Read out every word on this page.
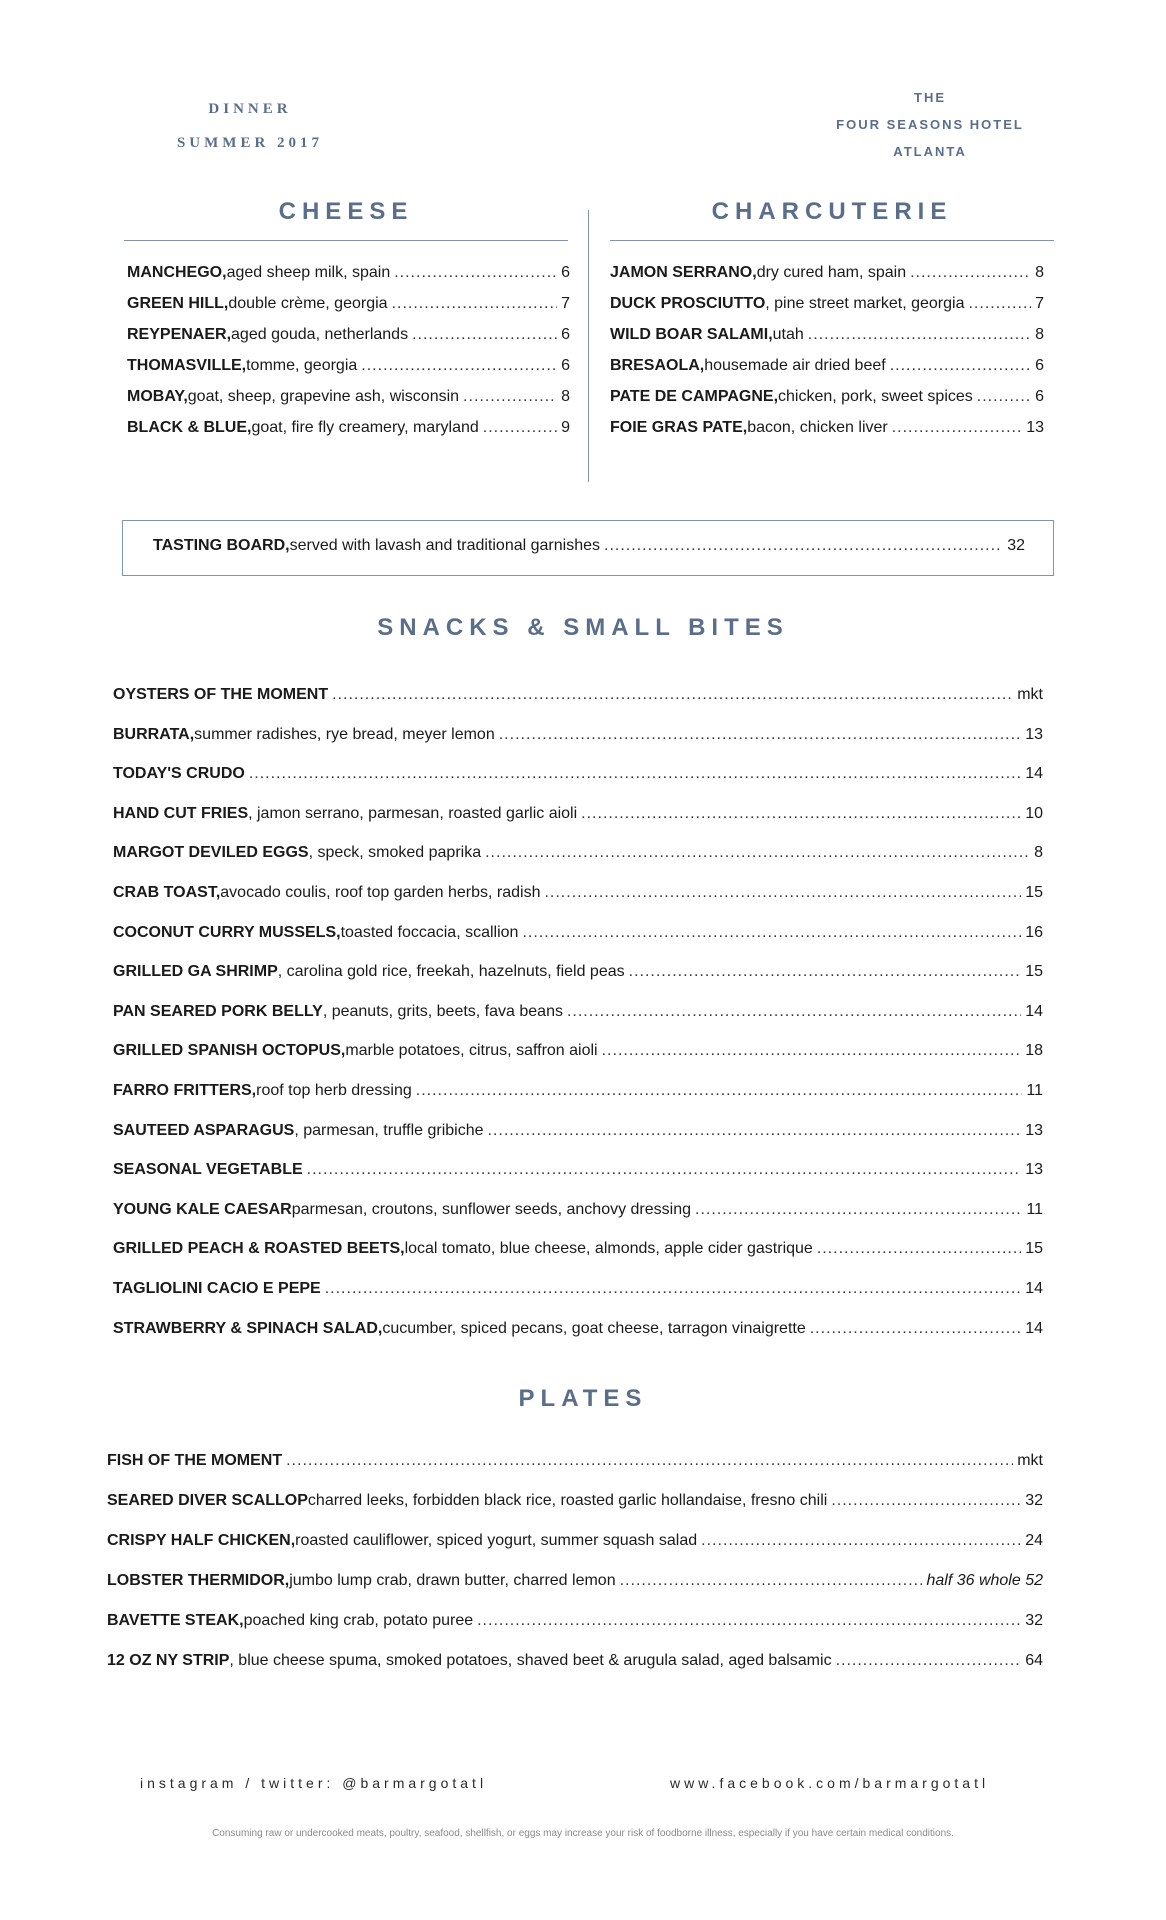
DINNER
SUMMER 2017
THE
FOUR SEASONS HOTEL
ATLANTA
CHEESE
MANCHEGO, aged sheep milk, spain .....	6
GREEN HILL, double crème, georgia .....	7
REYPENAER, aged gouda, netherlands .....	6
THOMASVILLE, tomme, georgia .....	6
MOBAY, goat, sheep, grapevine ash, wisconsin .....	8
BLACK & BLUE, goat, fire fly creamery, maryland .....	9
CHARCUTERIE
JAMON SERRANO, dry cured ham, spain .....	8
DUCK PROSCIUTTO , pine street market, georgia .....	7
WILD BOAR SALAMI, utah .....	8
BRESAOLA, housemade air dried beef .....	6
PATE DE CAMPAGNE, chicken, pork, sweet spices .....	6
FOIE GRAS PATE, bacon, chicken liver .....	13
TASTING BOARD, served with lavash and traditional garnishes .....	32
SNACKS & SMALL BITES
OYSTERS OF THE MOMENT .....	mkt
BURRATA, summer radishes, rye bread, meyer lemon .....	13
TODAY'S CRUDO .....	14
HAND CUT FRIES , jamon serrano, parmesan, roasted garlic aioli .....	10
MARGOT DEVILED EGGS , speck, smoked paprika .....	8
CRAB TOAST, avocado coulis, roof top garden herbs, radish .....	15
COCONUT CURRY MUSSELS, toasted foccacia, scallion .....	16
GRILLED GA SHRIMP , carolina gold rice, freekah, hazelnuts, field peas .....	15
PAN SEARED PORK BELLY , peanuts, grits, beets, fava beans .....	14
GRILLED SPANISH OCTOPUS, marble potatoes, citrus, saffron aioli .....	18
FARRO FRITTERS, roof top herb dressing .....	11
SAUTEED ASPARAGUS , parmesan, truffle gribiche .....	13
SEASONAL VEGETABLE .....	13
YOUNG KALE CAESAR parmesan, croutons, sunflower seeds, anchovy dressing .....	11
GRILLED PEACH & ROASTED BEETS, local tomato, blue cheese, almonds, apple cider gastrique .....	15
TAGLIOLINI CACIO E PEPE .....	14
STRAWBERRY & SPINACH SALAD, cucumber, spiced pecans, goat cheese, tarragon vinaigrette .....	14
PLATES
FISH OF THE MOMENT .....	mkt
SEARED DIVER SCALLOP charred leeks, forbidden black rice, roasted garlic hollandaise, fresno chili .....	32
CRISPY HALF CHICKEN, roasted cauliflower, spiced yogurt, summer squash salad .....	24
LOBSTER THERMIDOR, jumbo lump crab, drawn butter, charred lemon .....	half 36 whole 52
BAVETTE STEAK, poached king crab, potato puree .....	32
12 OZ NY STRIP , blue cheese spuma, smoked potatoes, shaved beet & arugula salad, aged balsamic .....	64
instagram / twitter: @barmargotatl	www.facebook.com/barmargotatl
Consuming raw or undercooked meats, poultry, seafood, shellfish, or eggs may increase your risk of foodborne illness, especially if you have certain medical conditions.
